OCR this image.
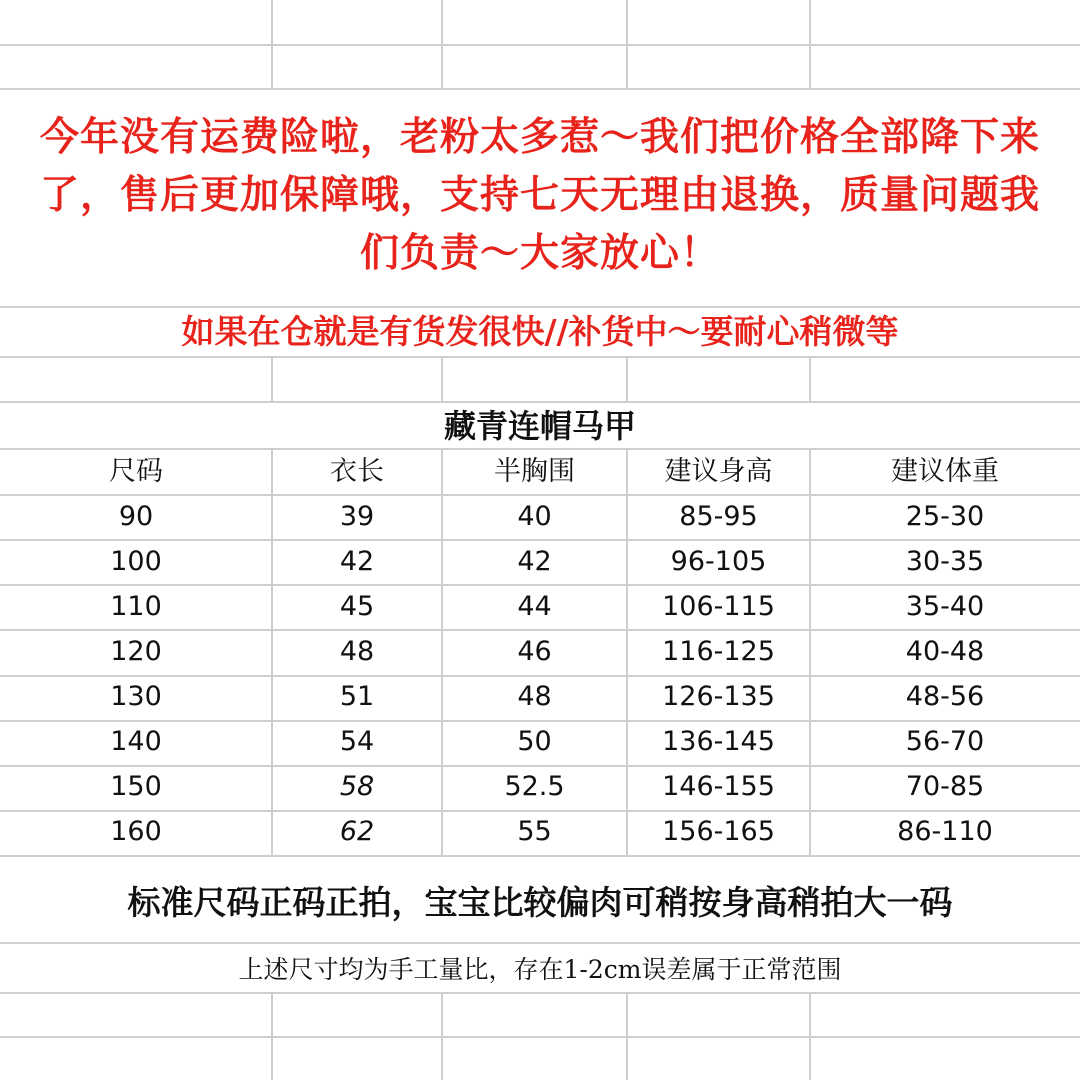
今年没有运费险啦，老粉太多惹～我们把价格全部降下来
了，售后更加保障哦，支持七天无理由退换，质量问题我
们负责～大家放心！
如果在仓就是有货发很快//补货中～要耐心稍微等
藏青连帽马甲
尺码	衣长	半胸围	建议身高	建议体重
90	39	40	85-95	25-30
100	42	42	96-105	30-35
110	45	44	106-115	35-40
120	48	46	116-125	40-48
130	51	48	126-135	48-56
140	54	50	136-145	56-70
150	58	52.5	146-155	70-85
160	62	55	156-165	86-110
标准尺码正码正拍，宝宝比较偏肉可稍按身高稍拍大一码
上述尺寸均为手工量比，存在1-2cm误差属于正常范围
